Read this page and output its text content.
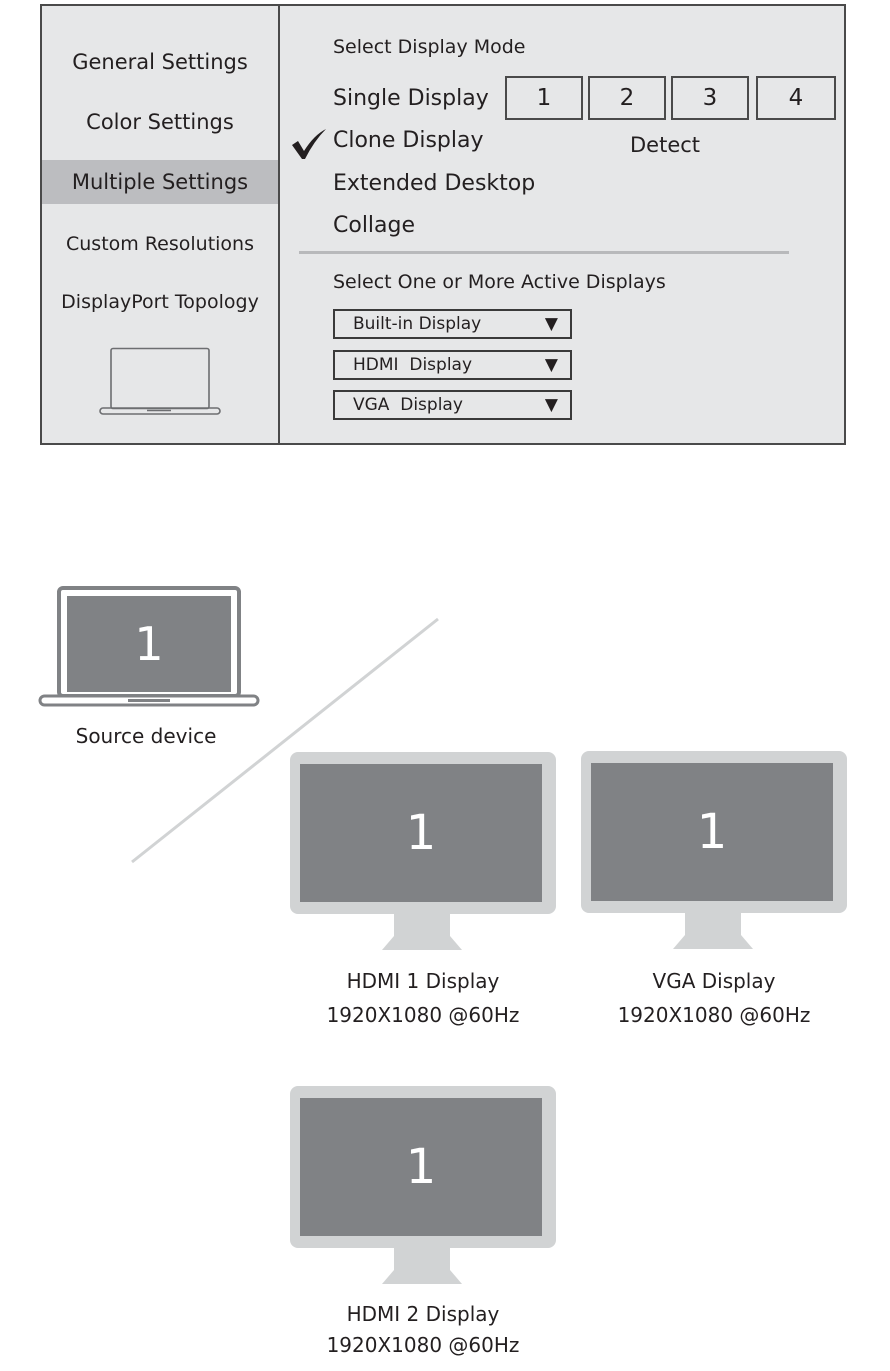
General Settings
Color Settings
Multiple Settings
Custom Resolutions
DisplayPort Topology
Select Display Mode
Single Display
Clone Display
Extended Desktop
Collage
1	2	3	4
Detect
Select One or More Active Displays
Built-in Display	▼
HDMI  Display	▼
VGA  Display	▼
1
Source device
1
HDMI 1 Display
1920X1080 @60Hz
1
VGA Display
1920X1080 @60Hz
1
HDMI 2 Display
1920X1080 @60Hz
